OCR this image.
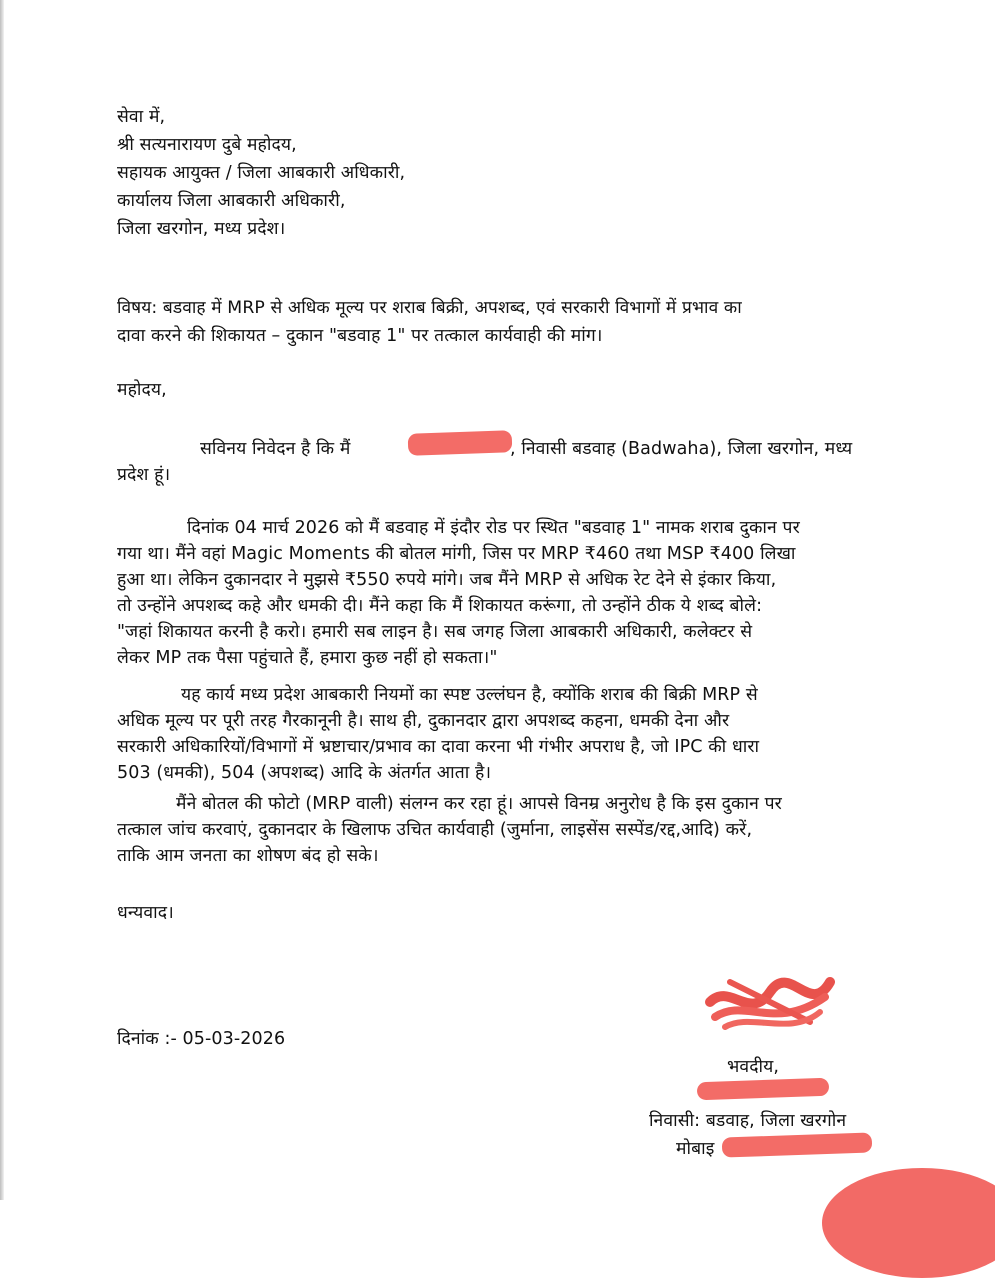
सेवा में,
श्री सत्यनारायण दुबे महोदय,
सहायक आयुक्त / जिला आबकारी अधिकारी,
कार्यालय जिला आबकारी अधिकारी,
जिला खरगोन, मध्य प्रदेश।
विषय: बडवाह में MRP से अधिक मूल्य पर शराब बिक्री, अपशब्द, एवं सरकारी विभागों में प्रभाव का
दावा करने की शिकायत – दुकान "बडवाह 1" पर तत्काल कार्यवाही की मांग।
महोदय,
सविनय निवेदन है कि मैं	, निवासी बडवाह (Badwaha), जिला खरगोन, मध्य
प्रदेश हूं।
दिनांक 04 मार्च 2026 को मैं बडवाह में इंदौर रोड पर स्थित "बडवाह 1" नामक शराब दुकान पर
गया था। मैंने वहां Magic Moments की बोतल मांगी, जिस पर MRP ₹460 तथा MSP ₹400 लिखा
हुआ था। लेकिन दुकानदार ने मुझसे ₹550 रुपये मांगे। जब मैंने MRP से अधिक रेट देने से इंकार किया,
तो उन्होंने अपशब्द कहे और धमकी दी। मैंने कहा कि मैं शिकायत करूंगा, तो उन्होंने ठीक ये शब्द बोले:
"जहां शिकायत करनी है करो। हमारी सब लाइन है। सब जगह जिला आबकारी अधिकारी, कलेक्टर से
लेकर MP तक पैसा पहुंचाते हैं, हमारा कुछ नहीं हो सकता।"
यह कार्य मध्य प्रदेश आबकारी नियमों का स्पष्ट उल्लंघन है, क्योंकि शराब की बिक्री MRP से
अधिक मूल्य पर पूरी तरह गैरकानूनी है। साथ ही, दुकानदार द्वारा अपशब्द कहना, धमकी देना और
सरकारी अधिकारियों/विभागों में भ्रष्टाचार/प्रभाव का दावा करना भी गंभीर अपराध है, जो IPC की धारा
503 (धमकी), 504 (अपशब्द) आदि के अंतर्गत आता है।
मैंने बोतल की फोटो (MRP वाली) संलग्न कर रहा हूं। आपसे विनम्र अनुरोध है कि इस दुकान पर
तत्काल जांच करवाएं, दुकानदार के खिलाफ उचित कार्यवाही (जुर्माना, लाइसेंस सस्पेंड/रद्द,आदि) करें,
ताकि आम जनता का शोषण बंद हो सके।
धन्यवाद।
दिनांक :- 05-03-2026
भवदीय,
निवासी: बडवाह, जिला खरगोन
मोबाइ
